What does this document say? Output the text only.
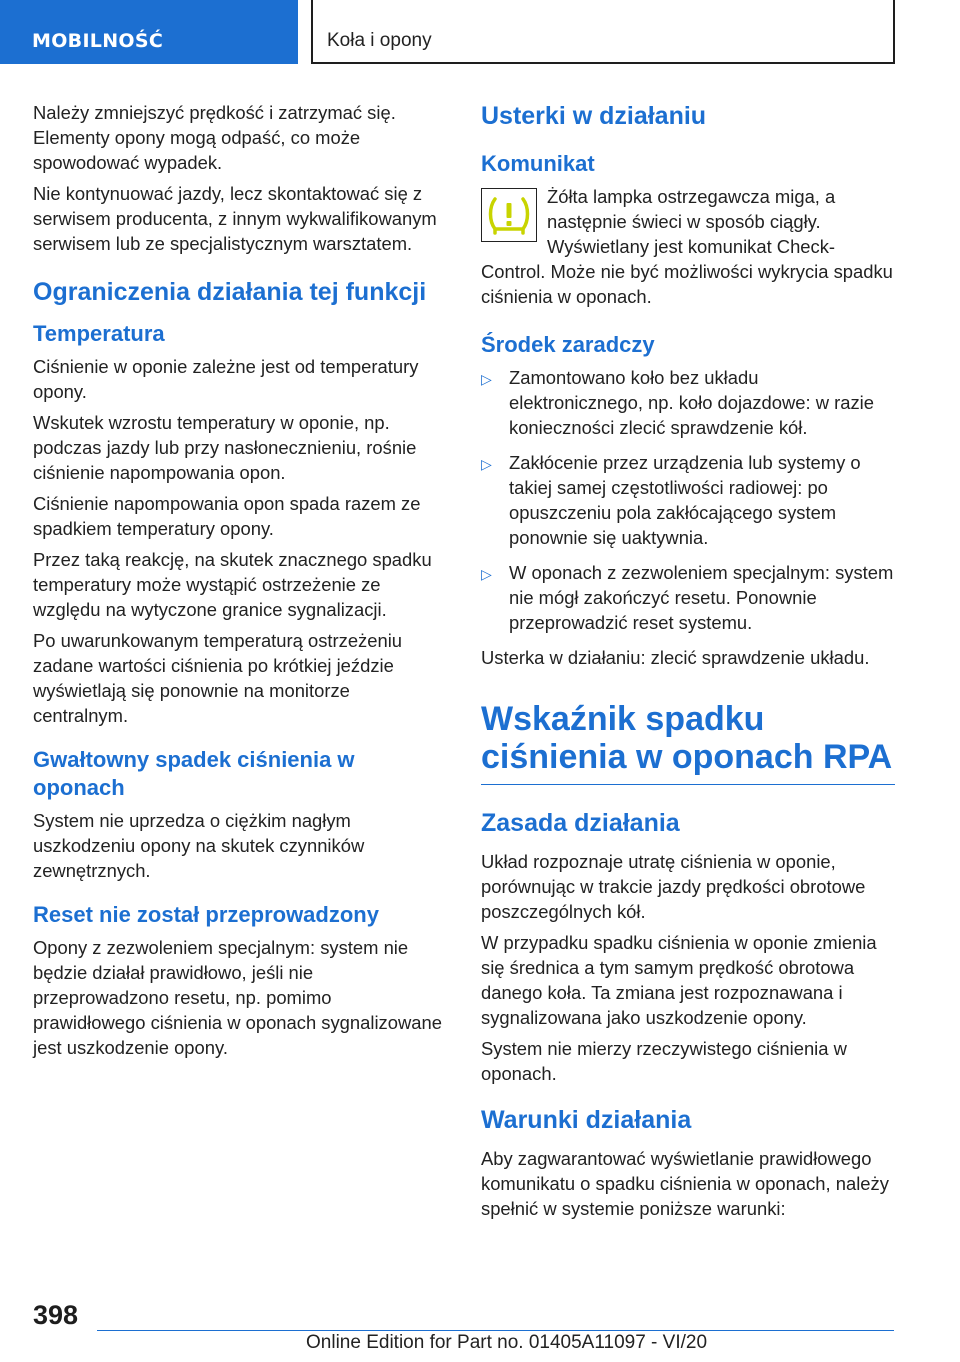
MOBILNOŚĆ	Koła i opony

Należy zmniejszyć prędkość i zatrzymać się. Elementy opony mogą odpaść, co może spowodować wypadek.

Nie kontynuować jazdy, lecz skontaktować się z serwisem producenta, z innym wykwalifikowanym serwisem lub ze specjalistycznym warsztatem.

Ograniczenia działania tej funkcji
Temperatura

Ciśnienie w oponie zależne jest od temperatury opony.

Wskutek wzrostu temperatury w oponie, np. podczas jazdy lub przy nasłonecznieniu, rośnie ciśnienie napompowania opon.

Ciśnienie napompowania opon spada razem ze spadkiem temperatury opony.

Przez taką reakcję, na skutek znacznego spadku temperatury może wystąpić ostrzeżenie ze względu na wytyczone granice sygnalizacji.

Po uwarunkowanym temperaturą ostrzeżeniu zadane wartości ciśnienia po krótkiej jeździe wyświetlają się ponownie na monitorze centralnym.

Gwałtowny spadek ciśnienia w oponach

System nie uprzedza o ciężkim nagłym uszkodzeniu opony na skutek czynników zewnętrznych.

Reset nie został przeprowadzony

Opony z zezwoleniem specjalnym: system nie będzie działał prawidłowo, jeśli nie przeprowadzono resetu, np. pomimo prawidłowego ciśnienia w oponach sygnalizowane jest uszkodzenie opony.

Usterki w działaniu
Komunikat

Żółta lampka ostrzegawcza miga, a następnie świeci w sposób ciągły. Wyświetlany jest komunikat Check-Control. Może nie być możliwości wykrycia spadku ciśnienia w oponach.

Środek zaradczy
▷ Zamontowano koło bez układu elektronicznego, np. koło dojazdowe: w razie konieczności zlecić sprawdzenie kół.
▷ Zakłócenie przez urządzenia lub systemy o takiej samej częstotliwości radiowej: po opuszczeniu pola zakłócającego system ponownie się uaktywnia.
▷ W oponach z zezwoleniem specjalnym: system nie mógł zakończyć resetu. Ponownie przeprowadzić reset systemu.

Usterka w działaniu: zlecić sprawdzenie układu.

Wskaźnik spadku ciśnienia w oponach RPA
Zasada działania

Układ rozpoznaje utratę ciśnienia w oponie, porównując w trakcie jazdy prędkości obrotowe poszczególnych kół.

W przypadku spadku ciśnienia w oponie zmienia się średnica a tym samym prędkość obrotowa danego koła. Ta zmiana jest rozpoznawana i sygnalizowana jako uszkodzenie opony.

System nie mierzy rzeczywistego ciśnienia w oponach.

Warunki działania

Aby zagwarantować wyświetlanie prawidłowego komunikatu o spadku ciśnienia w oponach, należy spełnić w systemie poniższe warunki:

398
Online Edition for Part no. 01405A11097 - VI/20
